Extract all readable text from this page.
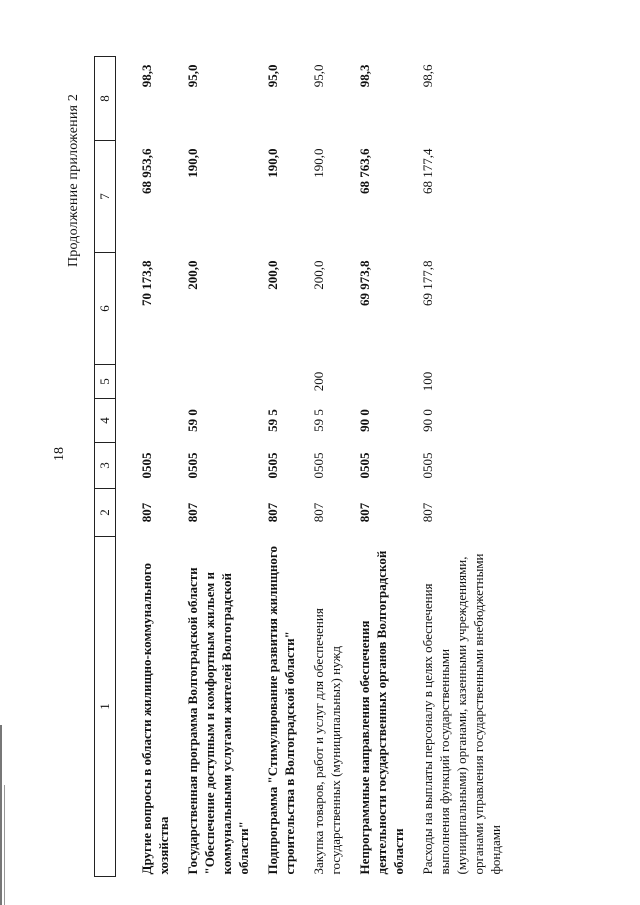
18
Продолжение приложения 2
1	2	3	4	5	6	7	8
Другие вопросы в области жилищно-коммунального хозяйства	807	0505			70 173,8	68 953,6	98,3
Государственная программа Волгоградской области "Обеспечение доступным и комфортным жильем и коммунальными услугами жителей Волгоградской области"	807	0505	59 0		200,0	190,0	95,0
Подпрограмма "Стимулирование развития жилищного строительства в Волгоградской области"	807	0505	59 5		200,0	190,0	95,0
Закупка товаров, работ и услуг для обеспечения государственных (муниципальных) нужд	807	0505	59 5	200	200,0	190,0	95,0
Непрограммные направления обеспечения деятельности государственных органов Волгоградской области	807	0505	90 0		69 973,8	68 763,6	98,3
Расходы на выплаты персоналу в целях обеспечения выполнения функций государственными (муниципальными) органами, казенными учреждениями, органами управления государственными внебюджетными фондами	807	0505	90 0	100	69 177,8	68 177,4	98,6
